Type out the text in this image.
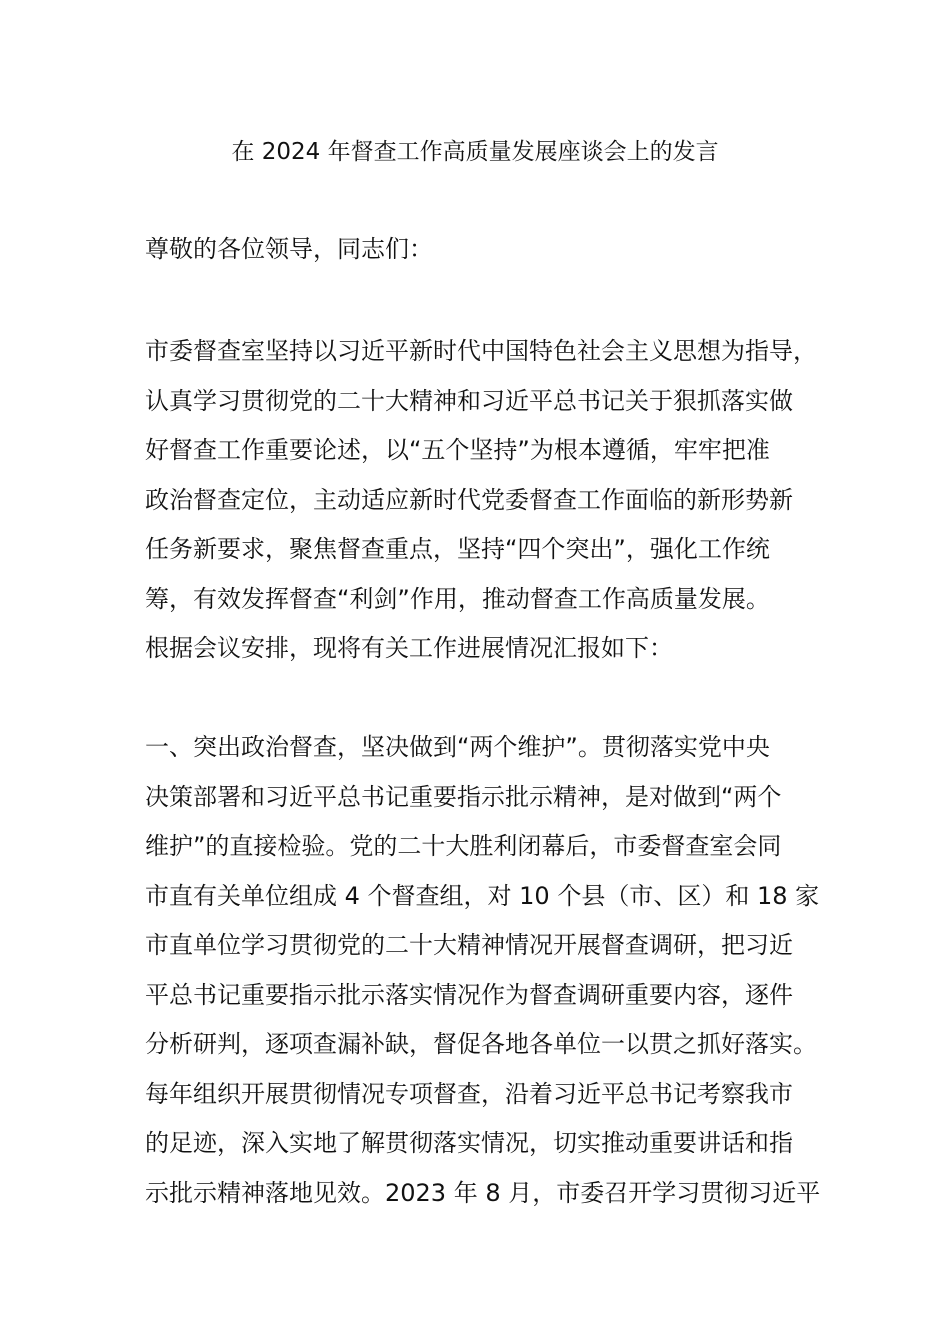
在 2024 年督查工作高质量发展座谈会上的发言
尊敬的各位领导，同志们：
市委督查室坚持以习近平新时代中国特色社会主义思想为指导，
认真学习贯彻党的二十大精神和习近平总书记关于狠抓落实做
好督查工作重要论述，以“五个坚持”为根本遵循，牢牢把准
政治督查定位，主动适应新时代党委督查工作面临的新形势新
任务新要求，聚焦督查重点，坚持“四个突出”，强化工作统
筹，有效发挥督查“利剑”作用，推动督查工作高质量发展。
根据会议安排，现将有关工作进展情况汇报如下：
一、突出政治督查，坚决做到“两个维护”。贯彻落实党中央
决策部署和习近平总书记重要指示批示精神，是对做到“两个
维护”的直接检验。党的二十大胜利闭幕后，市委督查室会同
市直有关单位组成 4 个督查组，对 10 个县（市、区）和 18 家
市直单位学习贯彻党的二十大精神情况开展督查调研，把习近
平总书记重要指示批示落实情况作为督查调研重要内容，逐件
分析研判，逐项查漏补缺，督促各地各单位一以贯之抓好落实。
每年组织开展贯彻情况专项督查，沿着习近平总书记考察我市
的足迹，深入实地了解贯彻落实情况，切实推动重要讲话和指
示批示精神落地见效。2023 年 8 月，市委召开学习贯彻习近平
